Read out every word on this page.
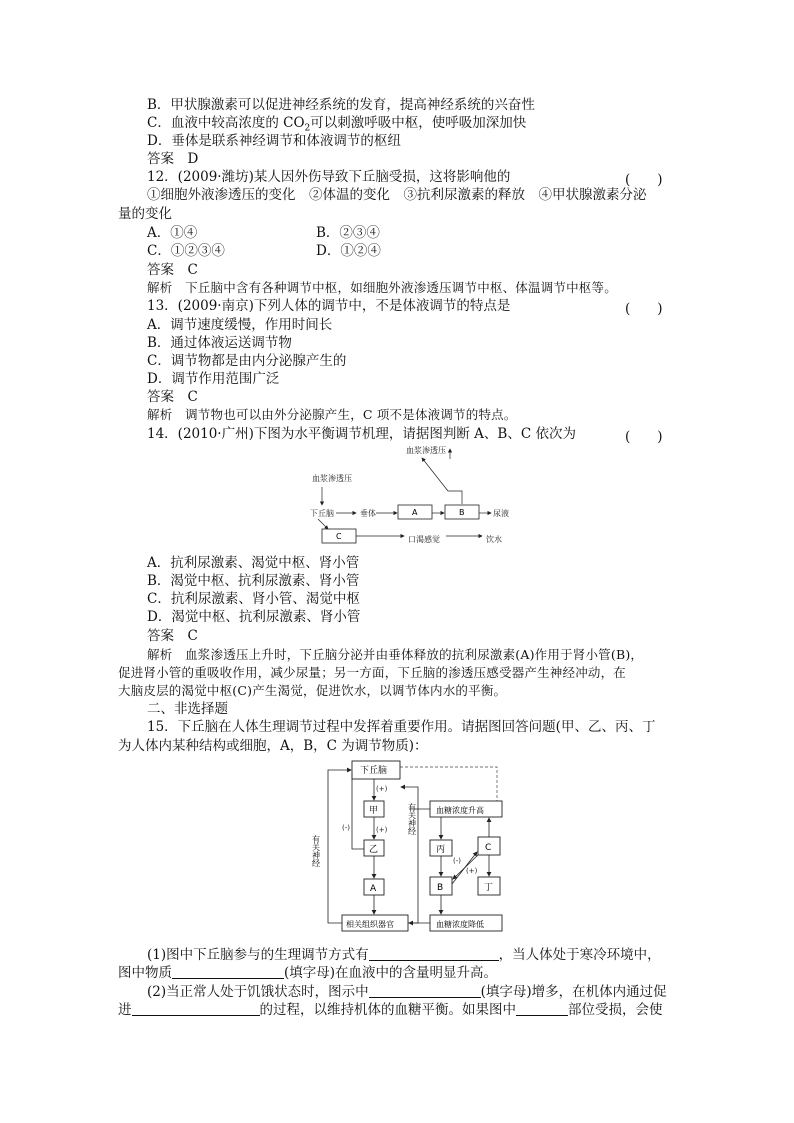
B．甲状腺激素可以促进神经系统的发育，提高神经系统的兴奋性
C．血液中较高浓度的 $CO_2$可以刺激呼吸中枢，使呼吸加深加快
D．垂体是联系神经调节和体液调节的枢纽
答案　D
12．(2009·潍坊)某人因外伤导致下丘脑受损，这将影响他的	(　　)
①细胞外液渗透压的变化　②体温的变化　③抗利尿激素的释放　④甲状腺激素分泌
量的变化
A．①④	B．②③④
C．①②③④	D．①②④
答案　C
解析　下丘脑中含有各种调节中枢，如细胞外液渗透压调节中枢、体温调节中枢等。
13．(2009·南京)下列人体的调节中，不是体液调节的特点是	(　　)
A．调节速度缓慢，作用时间长
B．通过体液运送调节物
C．调节物都是由内分泌腺产生的
D．调节作用范围广泛
答案　C
解析　调节物也可以由外分泌腺产生，C 项不是体液调节的特点。
14．(2010·广州)下图为水平衡调节机理，请据图判断 A、B、C 依次为	(　　)
血浆渗透压
血浆渗透压
下丘脑	垂体	尿液
口渴感觉	饮水
A	B
C
A．抗利尿激素、渴觉中枢、肾小管
B．渴觉中枢、抗利尿激素、肾小管
C．抗利尿激素、肾小管、渴觉中枢
D．渴觉中枢、抗利尿激素、肾小管
答案　C
解析　血浆渗透压上升时，下丘脑分泌并由垂体释放的抗利尿激素(A)作用于肾小管(B)，
促进肾小管的重吸收作用，减少尿量；另一方面，下丘脑的渗透压感受器产生神经冲动，在
大脑皮层的渴觉中枢(C)产生渴觉，促进饮水，以调节体内水的平衡。
二、非选择题
15．下丘脑在人体生理调节过程中发挥着重要作用。请据图回答问题(甲、乙、丙、丁
为人体内某种结构或细胞，A，B，C 为调节物质)：
下丘脑
甲
乙
A
相关组织器官
血糖浓度升高
丙	C
B	丁
血糖浓度降低
有关神经
有关神经
(+)
(-)	(+)
(-)
(+)
(1)图中下丘脑参与的生理调节方式有	，当人体处于寒冷环境中，
图中物质	(填字母)在血液中的含量明显升高。
(2)当正常人处于饥饿状态时，图示中	(填字母)增多，在机体内通过促
进	的过程，以维持机体的血糖平衡。如果图中	部位受损，会使
